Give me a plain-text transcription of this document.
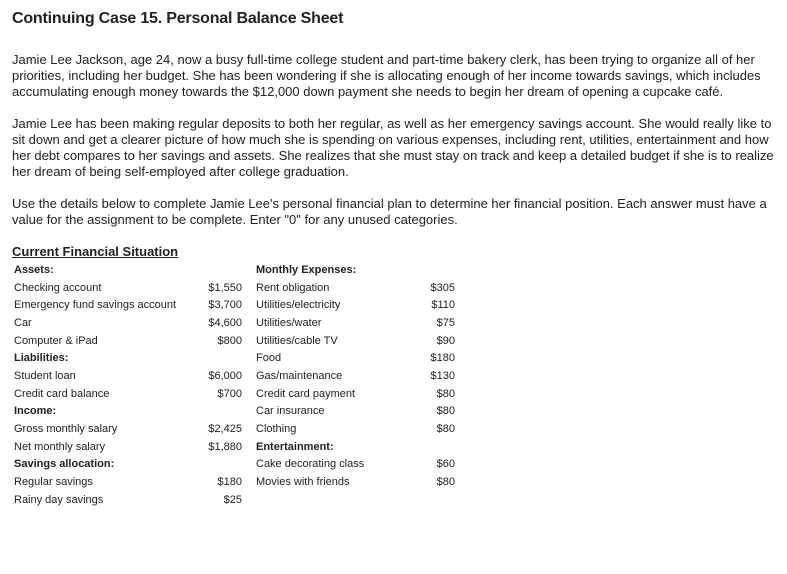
Continuing Case 15. Personal Balance Sheet

Jamie Lee Jackson, age 24, now a busy full-time college student and part-time bakery clerk, has been trying to organize all of her priorities, including her budget. She has been wondering if she is allocating enough of her income towards savings, which includes accumulating enough money towards the $12,000 down payment she needs to begin her dream of opening a cupcake café.

Jamie Lee has been making regular deposits to both her regular, as well as her emergency savings account. She would really like to sit down and get a clearer picture of how much she is spending on various expenses, including rent, utilities, entertainment and how her debt compares to her savings and assets. She realizes that she must stay on track and keep a detailed budget if she is to realize her dream of being self-employed after college graduation.

Use the details below to complete Jamie Lee's personal financial plan to determine her financial position. Each answer must have a value for the assignment to be complete. Enter "0" for any unused categories.

Current Financial Situation
Assets:			Monthly Expenses:	
Checking account	$1,550		Rent obligation	$305
Emergency fund savings account	$3,700		Utilities/electricity	$110
Car	$4,600		Utilities/water	$75
Computer & iPad	$800		Utilities/cable TV	$90
Liabilities:			Food	$180
Student loan	$6,000		Gas/maintenance	$130
Credit card balance	$700		Credit card payment	$80
Income:			Car insurance	$80
Gross monthly salary	$2,425		Clothing	$80
Net monthly salary	$1,880		Entertainment:	
Savings allocation:			Cake decorating class	$60
Regular savings	$180		Movies with friends	$80
Rainy day savings	$25			
